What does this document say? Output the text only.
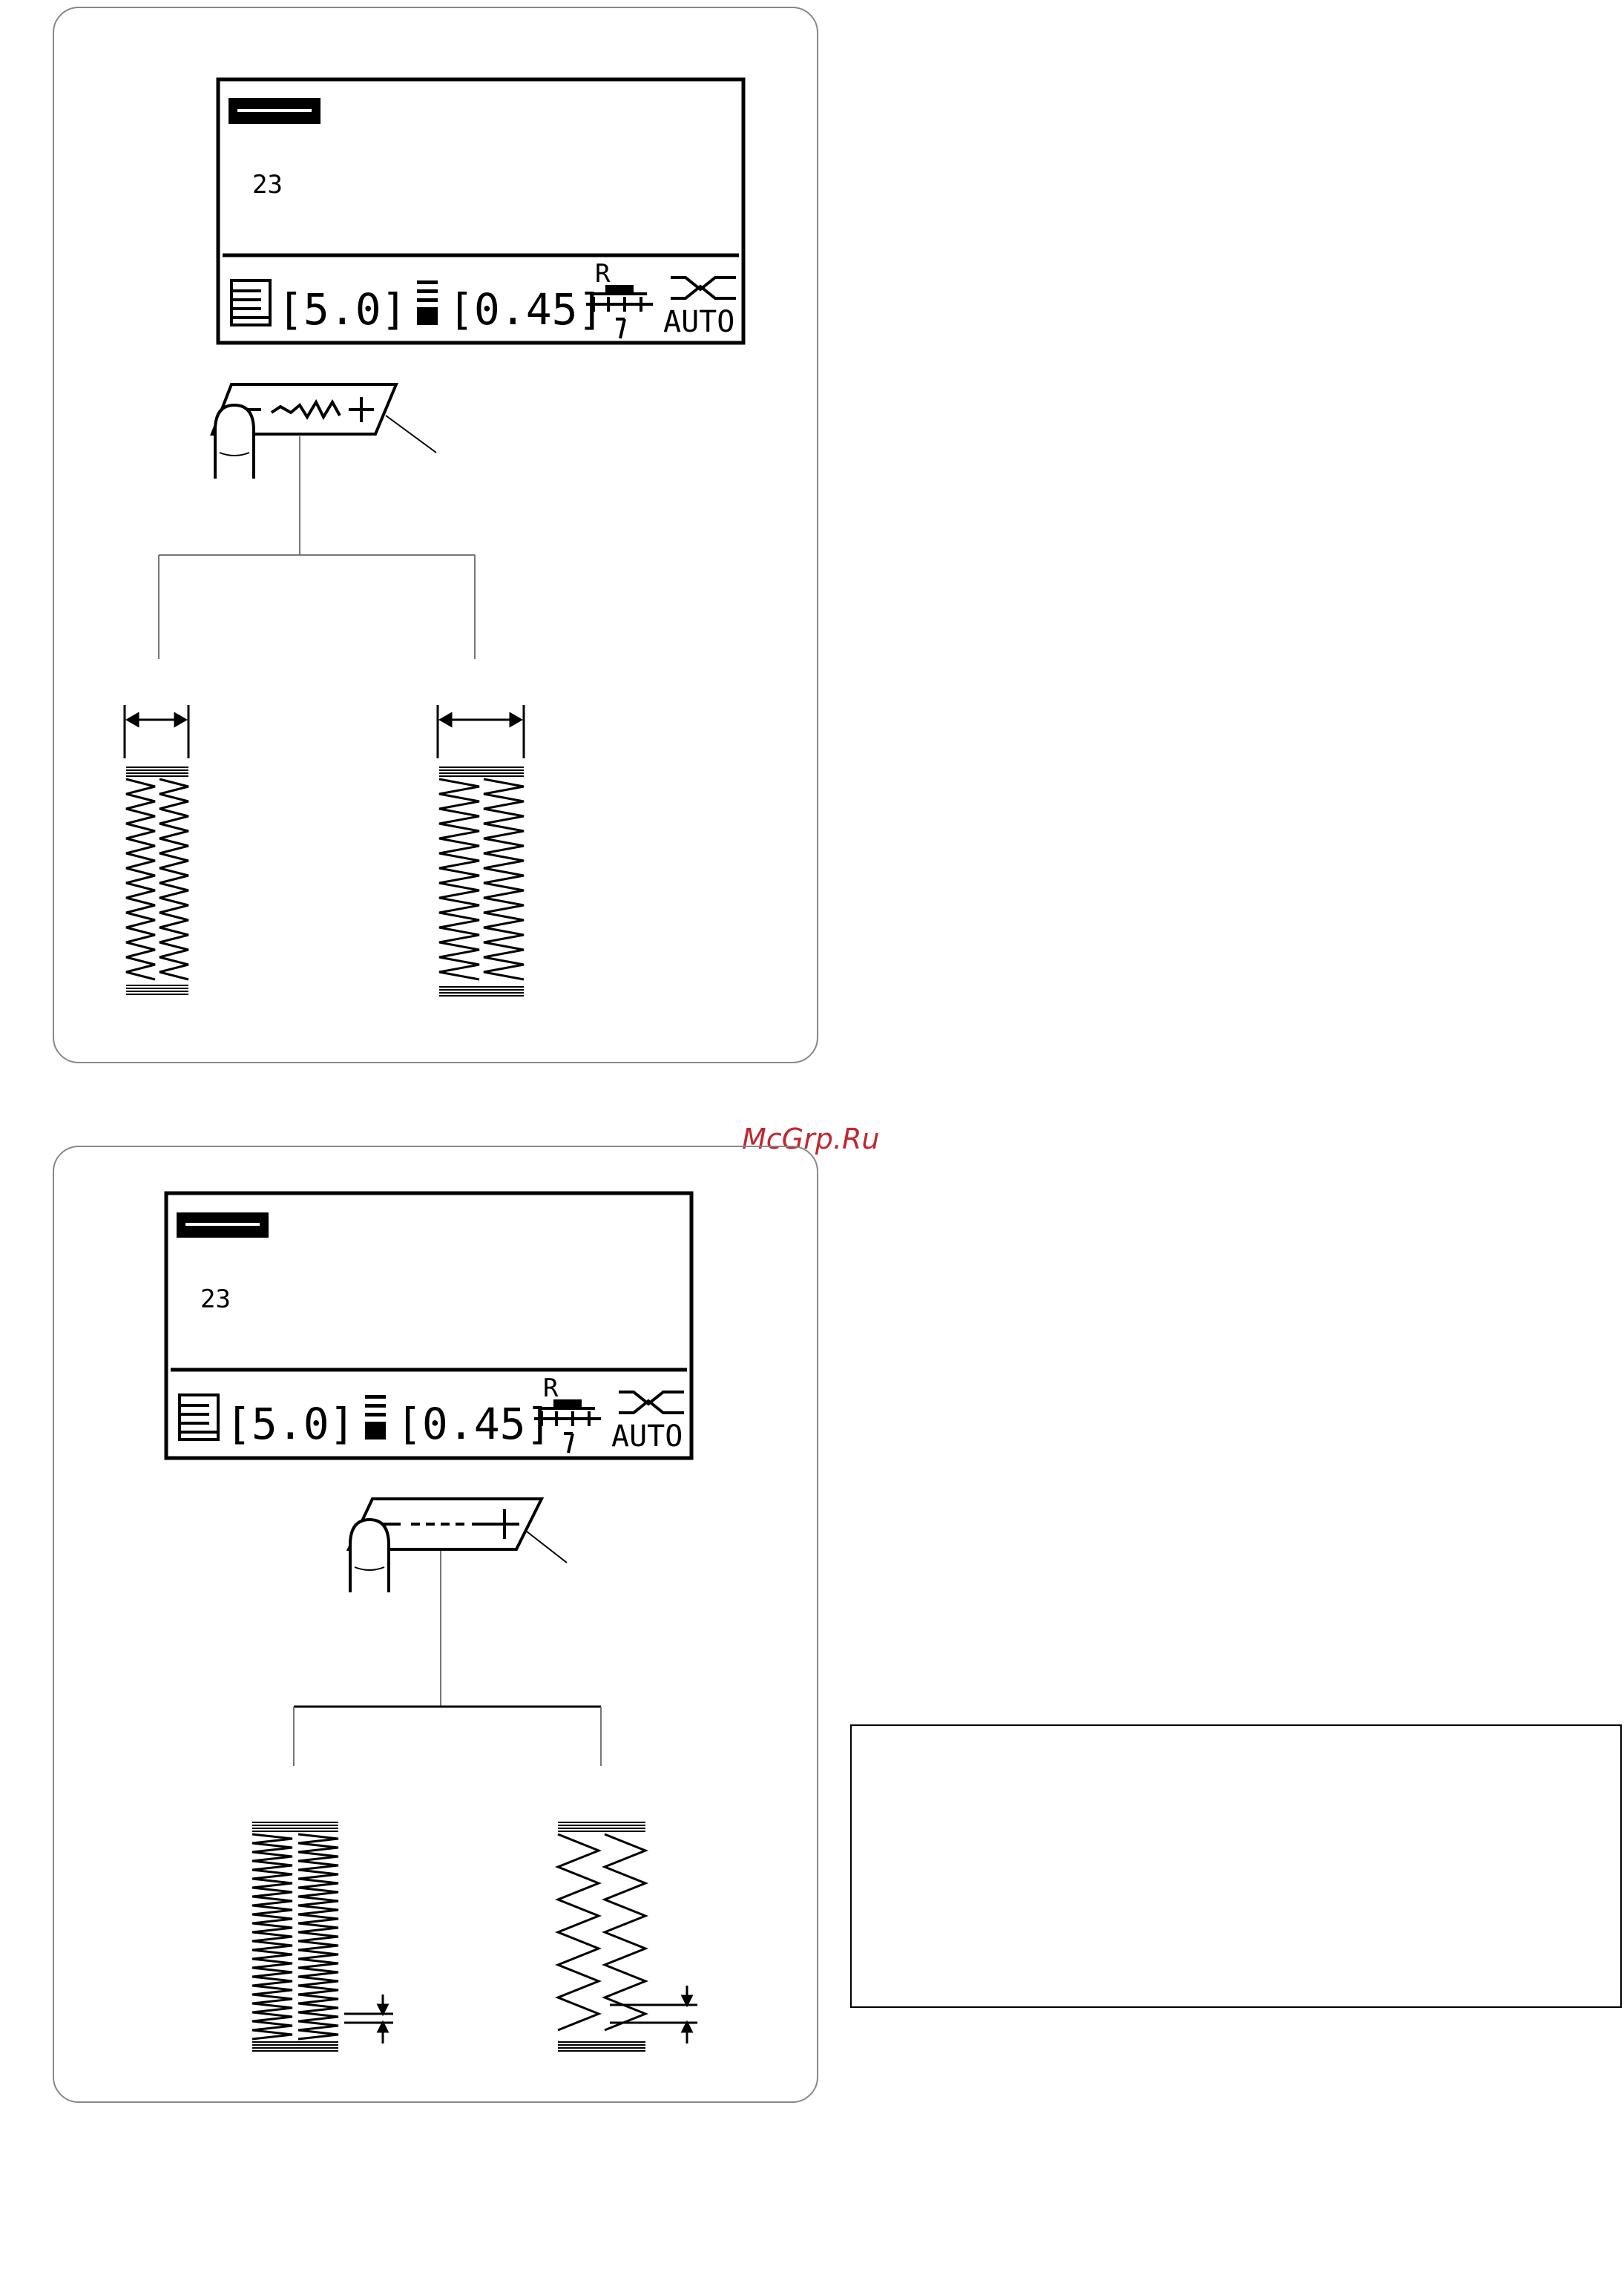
23
[5.0] [0.45]
R
AUTO
McGrp.Ru
23
[5.0] [0.45]
R
AUTO
